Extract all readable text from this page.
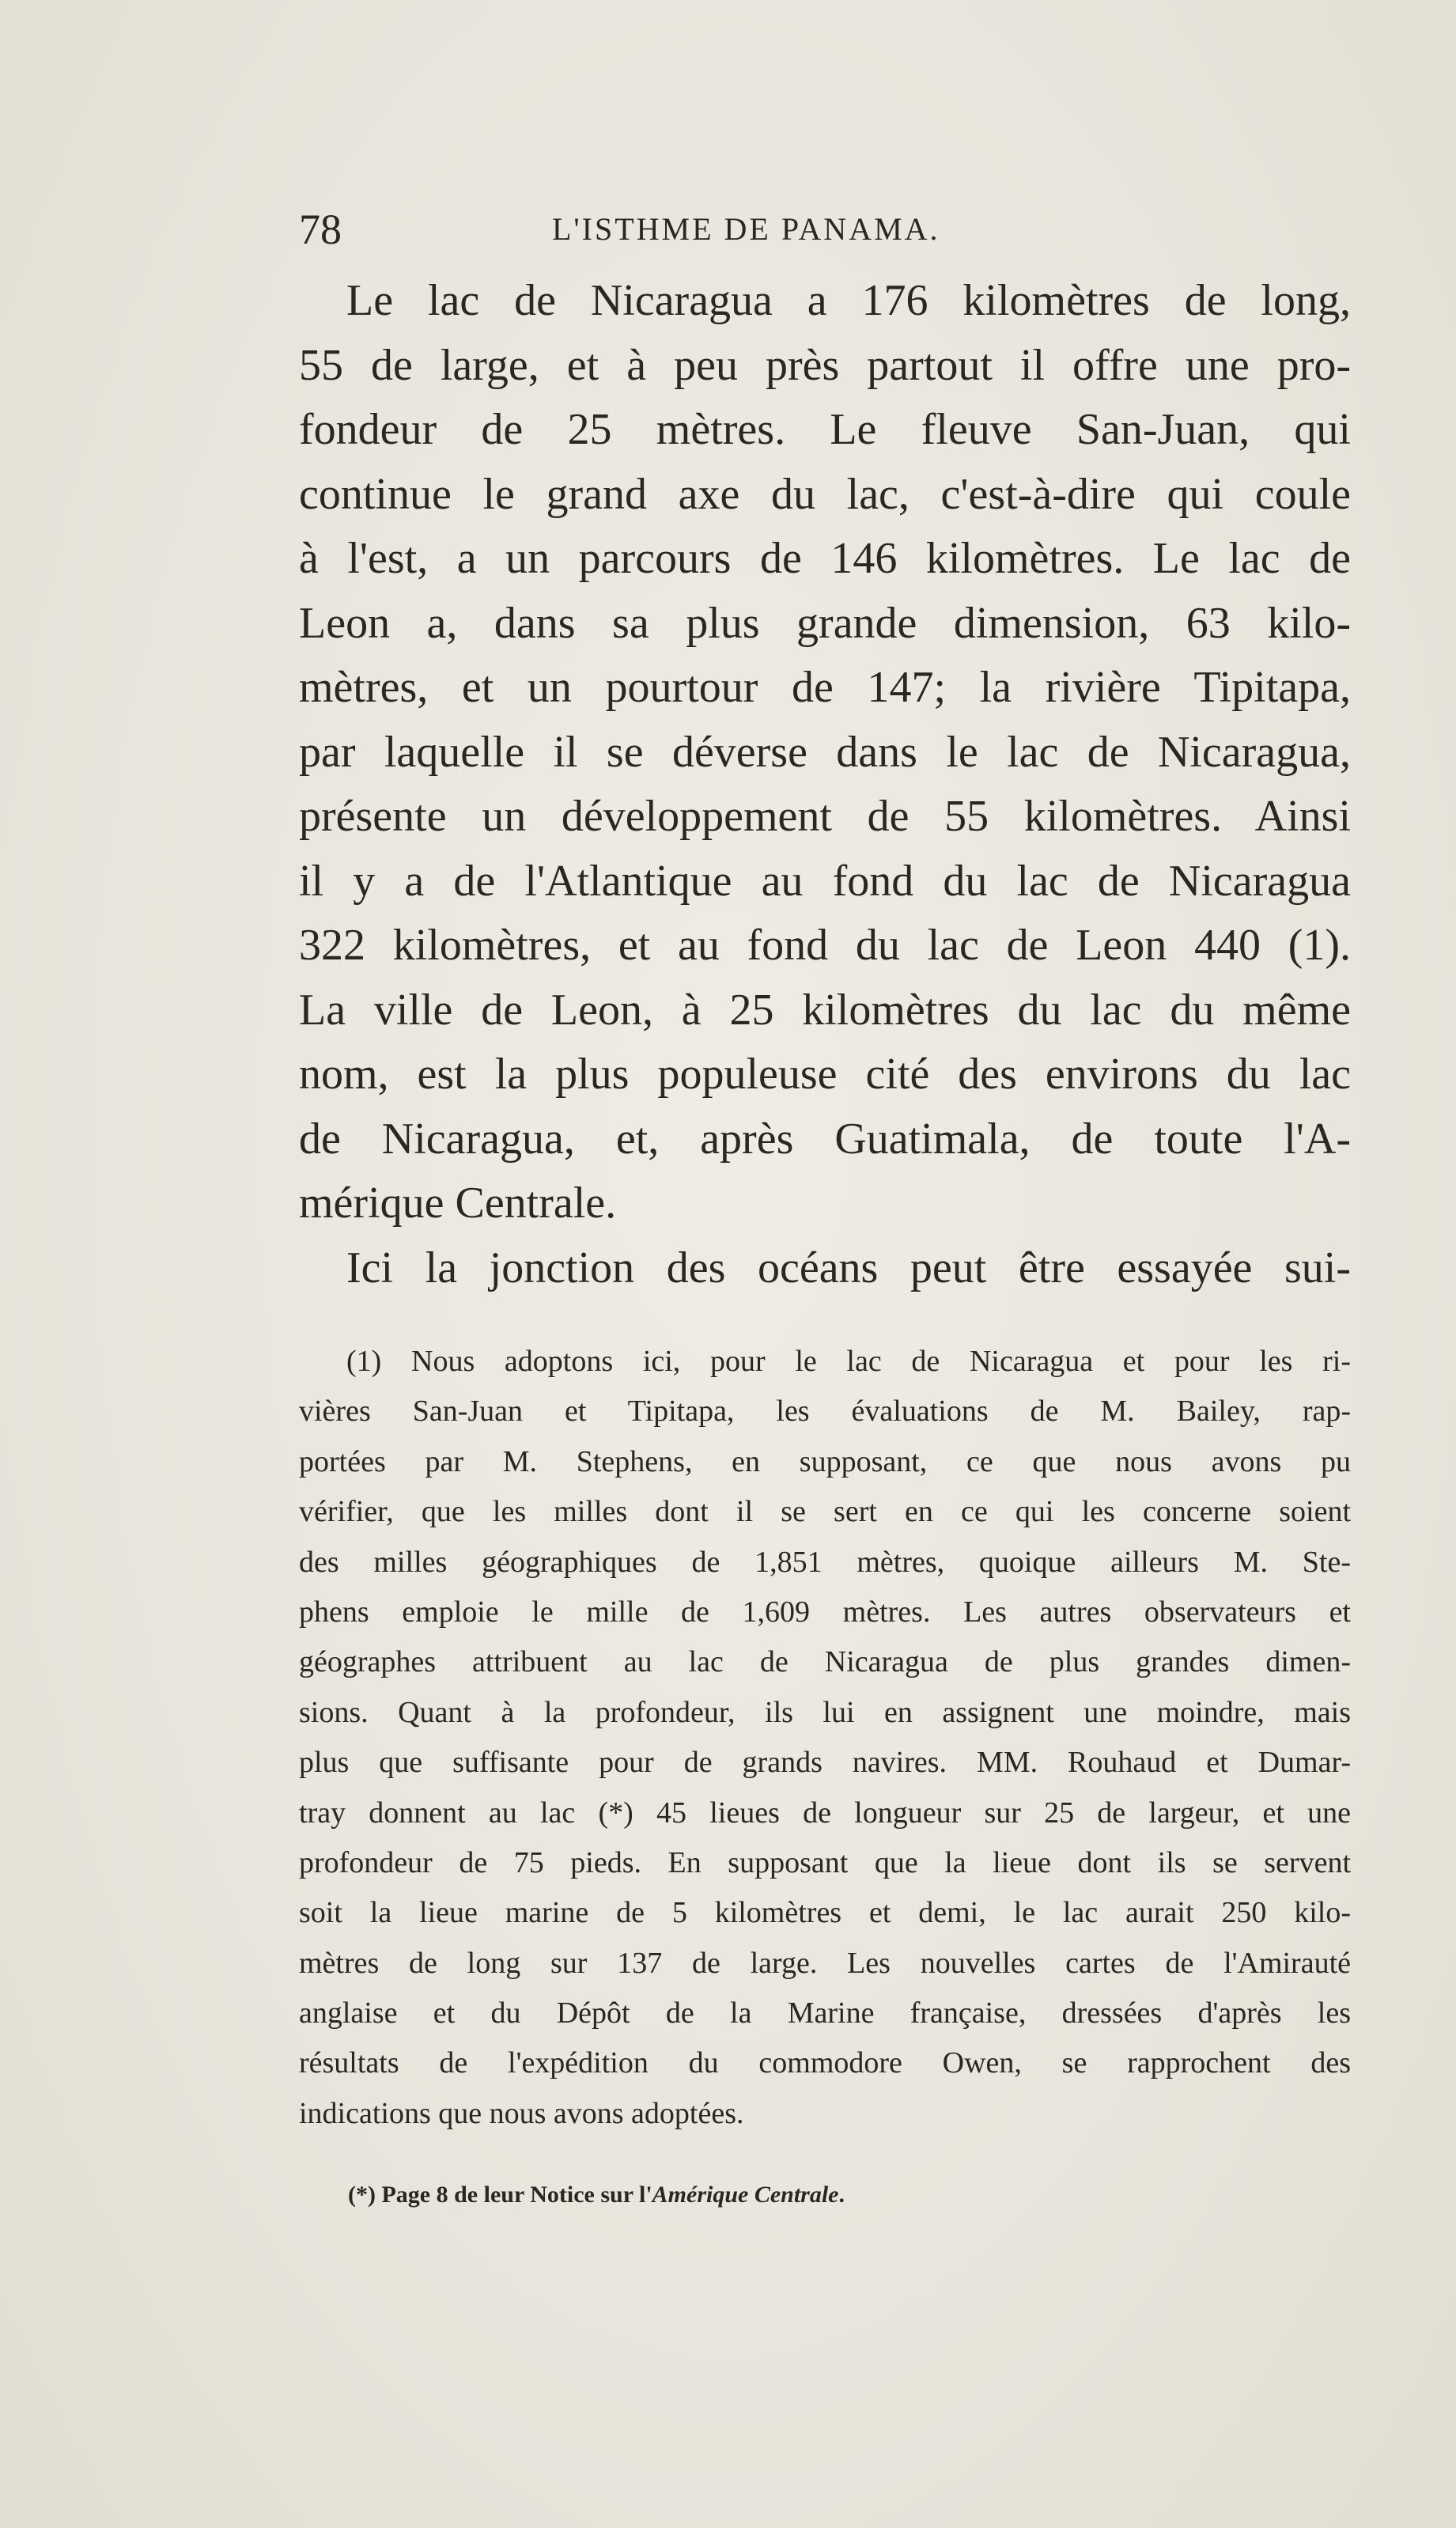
78	L'ISTHME DE PANAMA.
Le lac de Nicaragua a 176 kilomètres de long,
55 de large, et à peu près partout il offre une pro-
fondeur de 25 mètres. Le fleuve San-Juan, qui
continue le grand axe du lac, c'est-à-dire qui coule
à l'est, a un parcours de 146 kilomètres. Le lac de
Leon a, dans sa plus grande dimension, 63 kilo-
mètres, et un pourtour de 147; la rivière Tipitapa,
par laquelle il se déverse dans le lac de Nicaragua,
présente un développement de 55 kilomètres. Ainsi
il y a de l'Atlantique au fond du lac de Nicaragua
322 kilomètres, et au fond du lac de Leon 440 (1).
La ville de Leon, à 25 kilomètres du lac du même
nom, est la plus populeuse cité des environs du lac
de Nicaragua, et, après Guatimala, de toute l'A-
mérique Centrale.
Ici la jonction des océans peut être essayée sui-
(1) Nous adoptons ici, pour le lac de Nicaragua et pour les ri-
vières San-Juan et Tipitapa, les évaluations de M. Bailey, rap-
portées par M. Stephens, en supposant, ce que nous avons pu
vérifier, que les milles dont il se sert en ce qui les concerne soient
des milles géographiques de 1,851 mètres, quoique ailleurs M. Ste-
phens emploie le mille de 1,609 mètres. Les autres observateurs et
géographes attribuent au lac de Nicaragua de plus grandes dimen-
sions. Quant à la profondeur, ils lui en assignent une moindre, mais
plus que suffisante pour de grands navires. MM. Rouhaud et Dumar-
tray donnent au lac (*) 45 lieues de longueur sur 25 de largeur, et une
profondeur de 75 pieds. En supposant que la lieue dont ils se servent
soit la lieue marine de 5 kilomètres et demi, le lac aurait 250 kilo-
mètres de long sur 137 de large. Les nouvelles cartes de l'Amirauté
anglaise et du Dépôt de la Marine française, dressées d'après les
résultats de l'expédition du commodore Owen, se rapprochent des
indications que nous avons adoptées.
(*) Page 8 de leur Notice sur l'Amérique Centrale.
